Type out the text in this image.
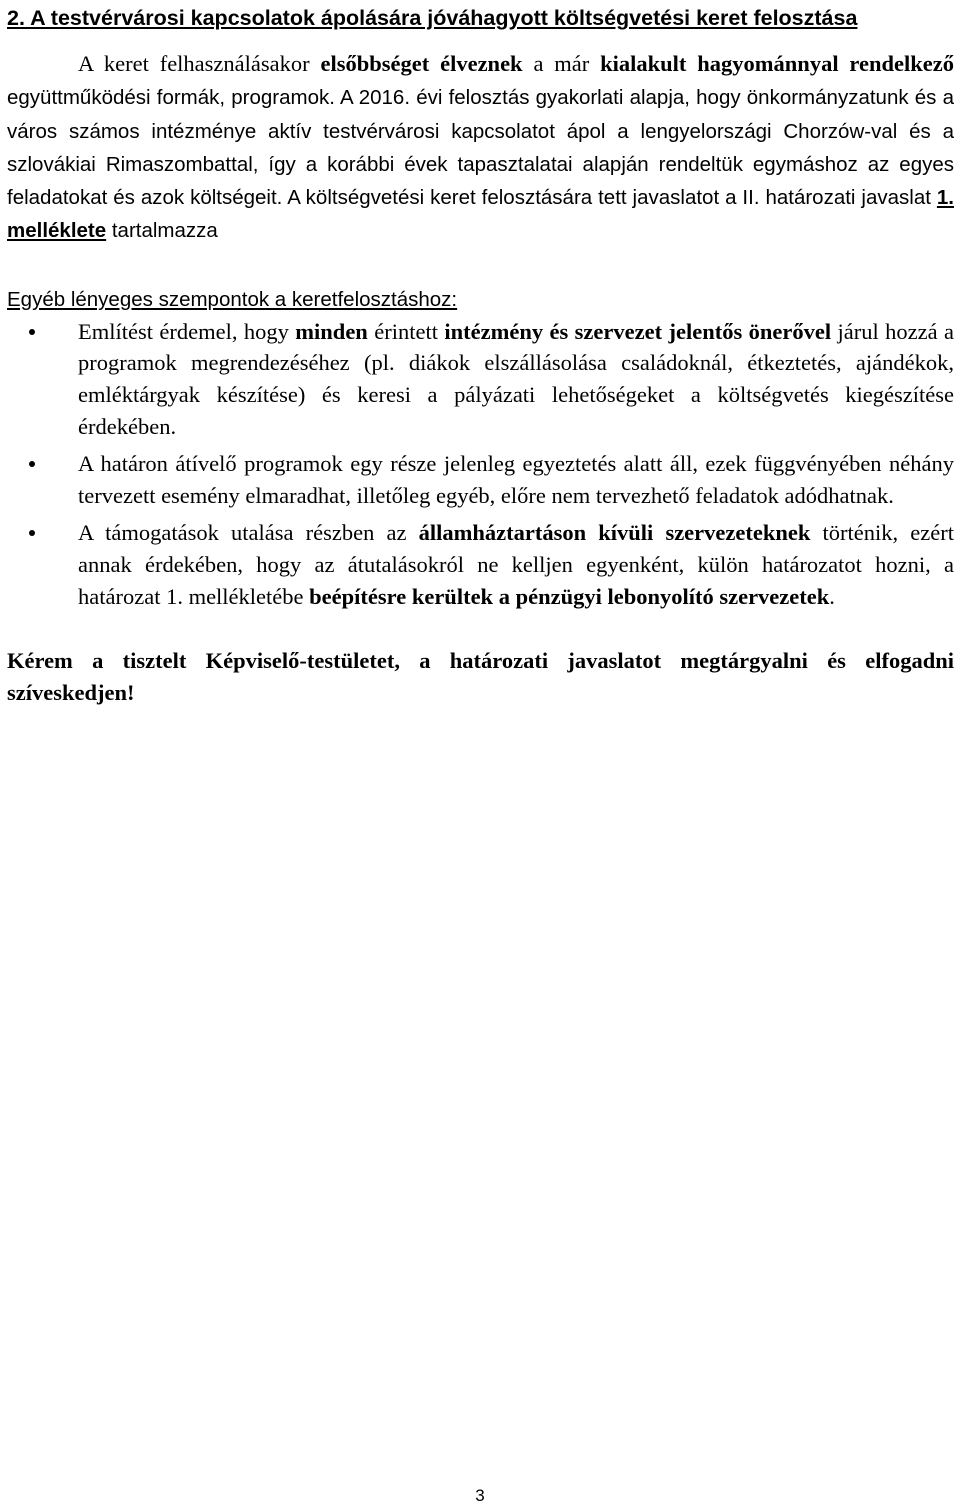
2. A testvérvárosi kapcsolatok ápolására jóváhagyott költségvetési keret felosztása

A keret felhasználásakor elsőbbséget élveznek a már kialakult hagyománnyal rendelkező együttműködési formák, programok. A 2016. évi felosztás gyakorlati alapja, hogy önkormányzatunk és a város számos intézménye aktív testvérvárosi kapcsolatot ápol a lengyelországi Chorzów-val és a szlovákiai Rimaszombattal, így a korábbi évek tapasztalatai alapján rendeltük egymáshoz az egyes feladatokat és azok költségeit. A költségvetési keret felosztására tett javaslatot a II. határozati javaslat 1. melléklete tartalmazza

Egyéb lényeges szempontok a keretfelosztáshoz:
Említést érdemel, hogy minden érintett intézmény és szervezet jelentős önerővel járul hozzá a programok megrendezéséhez (pl. diákok elszállásolása családoknál, étkeztetés, ajándékok, emléktárgyak készítése) és keresi a pályázati lehetőségeket a költségvetés kiegészítése érdekében.
A határon átívelő programok egy része jelenleg egyeztetés alatt áll, ezek függvényében néhány tervezett esemény elmaradhat, illetőleg egyéb, előre nem tervezhető feladatok adódhatnak.
A támogatások utalása részben az államháztartáson kívüli szervezeteknek történik, ezért annak érdekében, hogy az átutalásokról ne kelljen egyenként, külön határozatot hozni, a határozat 1. mellékletébe beépítésre kerültek a pénzügyi lebonyolító szervezetek.

Kérem a tisztelt Képviselő-testületet, a határozati javaslatot megtárgyalni és elfogadni szíveskedjen!

3
